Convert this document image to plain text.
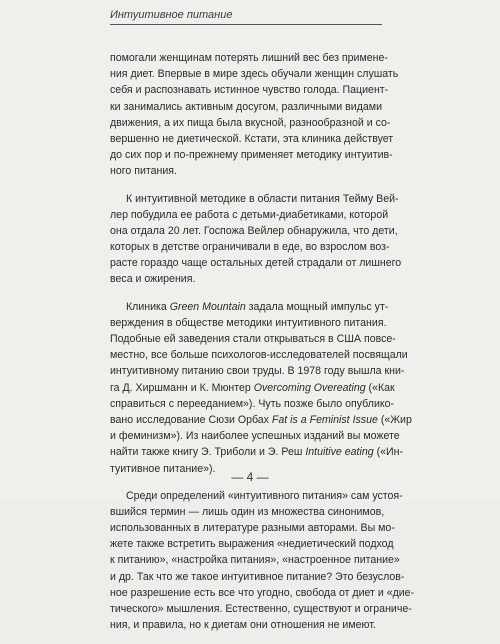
Интуитивное питание
помогали женщинам потерять лишний вес без примене-
ния диет. Впервые в мире здесь обучали женщин слушать
себя и распознавать истинное чувство голода. Пациент-
ки занимались активным досугом, различными видами
движения, а их пища была вкусной, разнообразной и со-
вершенно не диетической. Кстати, эта клиника действует
до сих пор и по-прежнему применяет методику интуитив-
ного питания.
К интуитивной методике в области питания Тейму Вей-
лер побудила ее работа с детьми-диабетиками, которой
она отдала 20 лет. Госпожа Вейлер обнаружила, что дети,
которых в детстве ограничивали в еде, во взрослом воз-
расте гораздо чаще остальных детей страдали от лишнего
веса и ожирения.
Клиника Green Mountain задала мощный импульс ут-
верждения в обществе методики интуитивного питания.
Подобные ей заведения стали открываться в США повсе-
местно, все больше психологов-исследователей посвящали
интуитивному питанию свои труды. В 1978 году вышла кни-
га Д. Хиршманн и К. Мюнтер Overcoming Overeating («Как
справиться с перееданием»). Чуть позже было опублико-
вано исследование Сюзи Орбах Fat is a Feminist Issue («Жир
и феминизм»). Из наиболее успешных изданий вы можете
найти также книгу Э. Триболи и Э. Реш Intuitive eating («Ин-
туитивное питание»).
Среди определений «интуитивного питания» сам устоя-
вшийся термин — лишь один из множества синонимов,
использованных в литературе разными авторами. Вы мо-
жете также встретить выражения «недиетический подход
к питанию», «настройка питания», «настроенное питание»
и др. Так что же такое интуитивное питание? Это безуслов-
ное разрешение есть все что угодно, свобода от диет и «дие-
тического» мышления. Естественно, существуют и ограниче-
ния, и правила, но к диетам они отношения не имеют.
— 4 —
